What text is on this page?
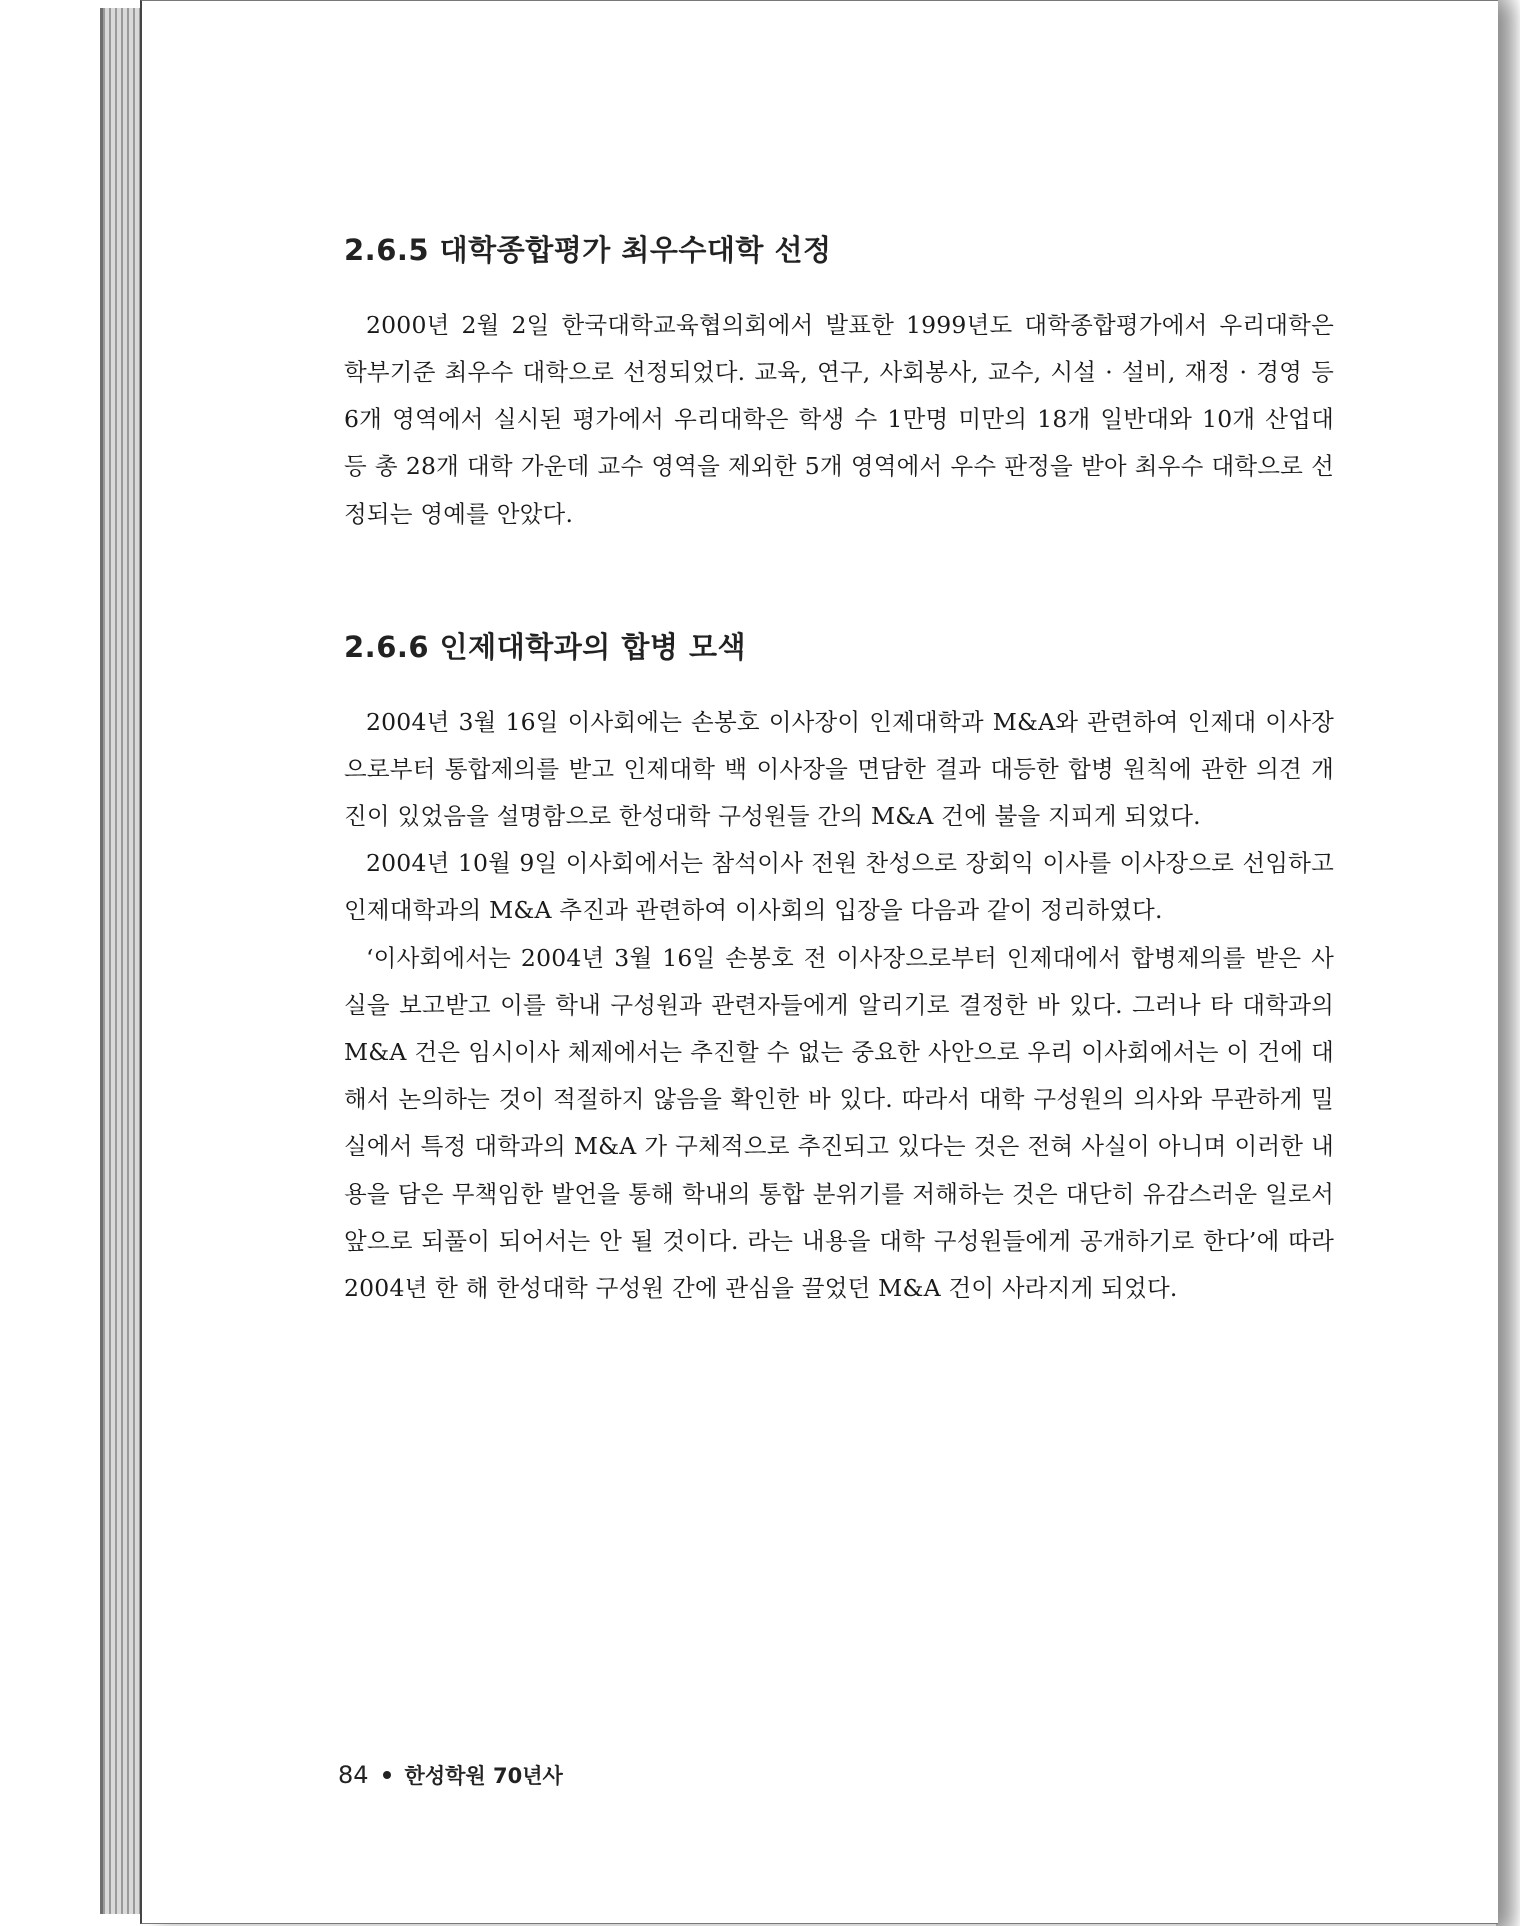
2.6.5 대학종합평가 최우수대학 선정

2000년 2월 2일 한국대학교육협의회에서 발표한 1999년도 대학종합평가에서 우리대학은 학부기준 최우수 대학으로 선정되었다. 교육, 연구, 사회봉사, 교수, 시설 · 설비, 재정 · 경영 등 6개 영역에서 실시된 평가에서 우리대학은 학생 수 1만명 미만의 18개 일반대와 10개 산업대 등 총 28개 대학 가운데 교수 영역을 제외한 5개 영역에서 우수 판정을 받아 최우수 대학으로 선정되는 영예를 안았다.

2.6.6 인제대학과의 합병 모색

2004년 3월 16일 이사회에는 손봉호 이사장이 인제대학과 M&A와 관련하여 인제대 이사장으로부터 통합제의를 받고 인제대학 백 이사장을 면담한 결과 대등한 합병 원칙에 관한 의견 개진이 있었음을 설명함으로 한성대학 구성원들 간의 M&A 건에 불을 지피게 되었다.

2004년 10월 9일 이사회에서는 참석이사 전원 찬성으로 장회익 이사를 이사장으로 선임하고 인제대학과의 M&A 추진과 관련하여 이사회의 입장을 다음과 같이 정리하였다.

‘이사회에서는 2004년 3월 16일 손봉호 전 이사장으로부터 인제대에서 합병제의를 받은 사실을 보고받고 이를 학내 구성원과 관련자들에게 알리기로 결정한 바 있다. 그러나 타 대학과의 M&A 건은 임시이사 체제에서는 추진할 수 없는 중요한 사안으로 우리 이사회에서는 이 건에 대해서 논의하는 것이 적절하지 않음을 확인한 바 있다. 따라서 대학 구성원의 의사와 무관하게 밀실에서 특정 대학과의 M&A 가 구체적으로 추진되고 있다는 것은 전혀 사실이 아니며 이러한 내용을 담은 무책임한 발언을 통해 학내의 통합 분위기를 저해하는 것은 대단히 유감스러운 일로서 앞으로 되풀이 되어서는 안 될 것이다. 라는 내용을 대학 구성원들에게 공개하기로 한다’에 따라 2004년 한 해 한성대학 구성원 간에 관심을 끌었던 M&A 건이 사라지게 되었다.

84 한성학원 70년사
